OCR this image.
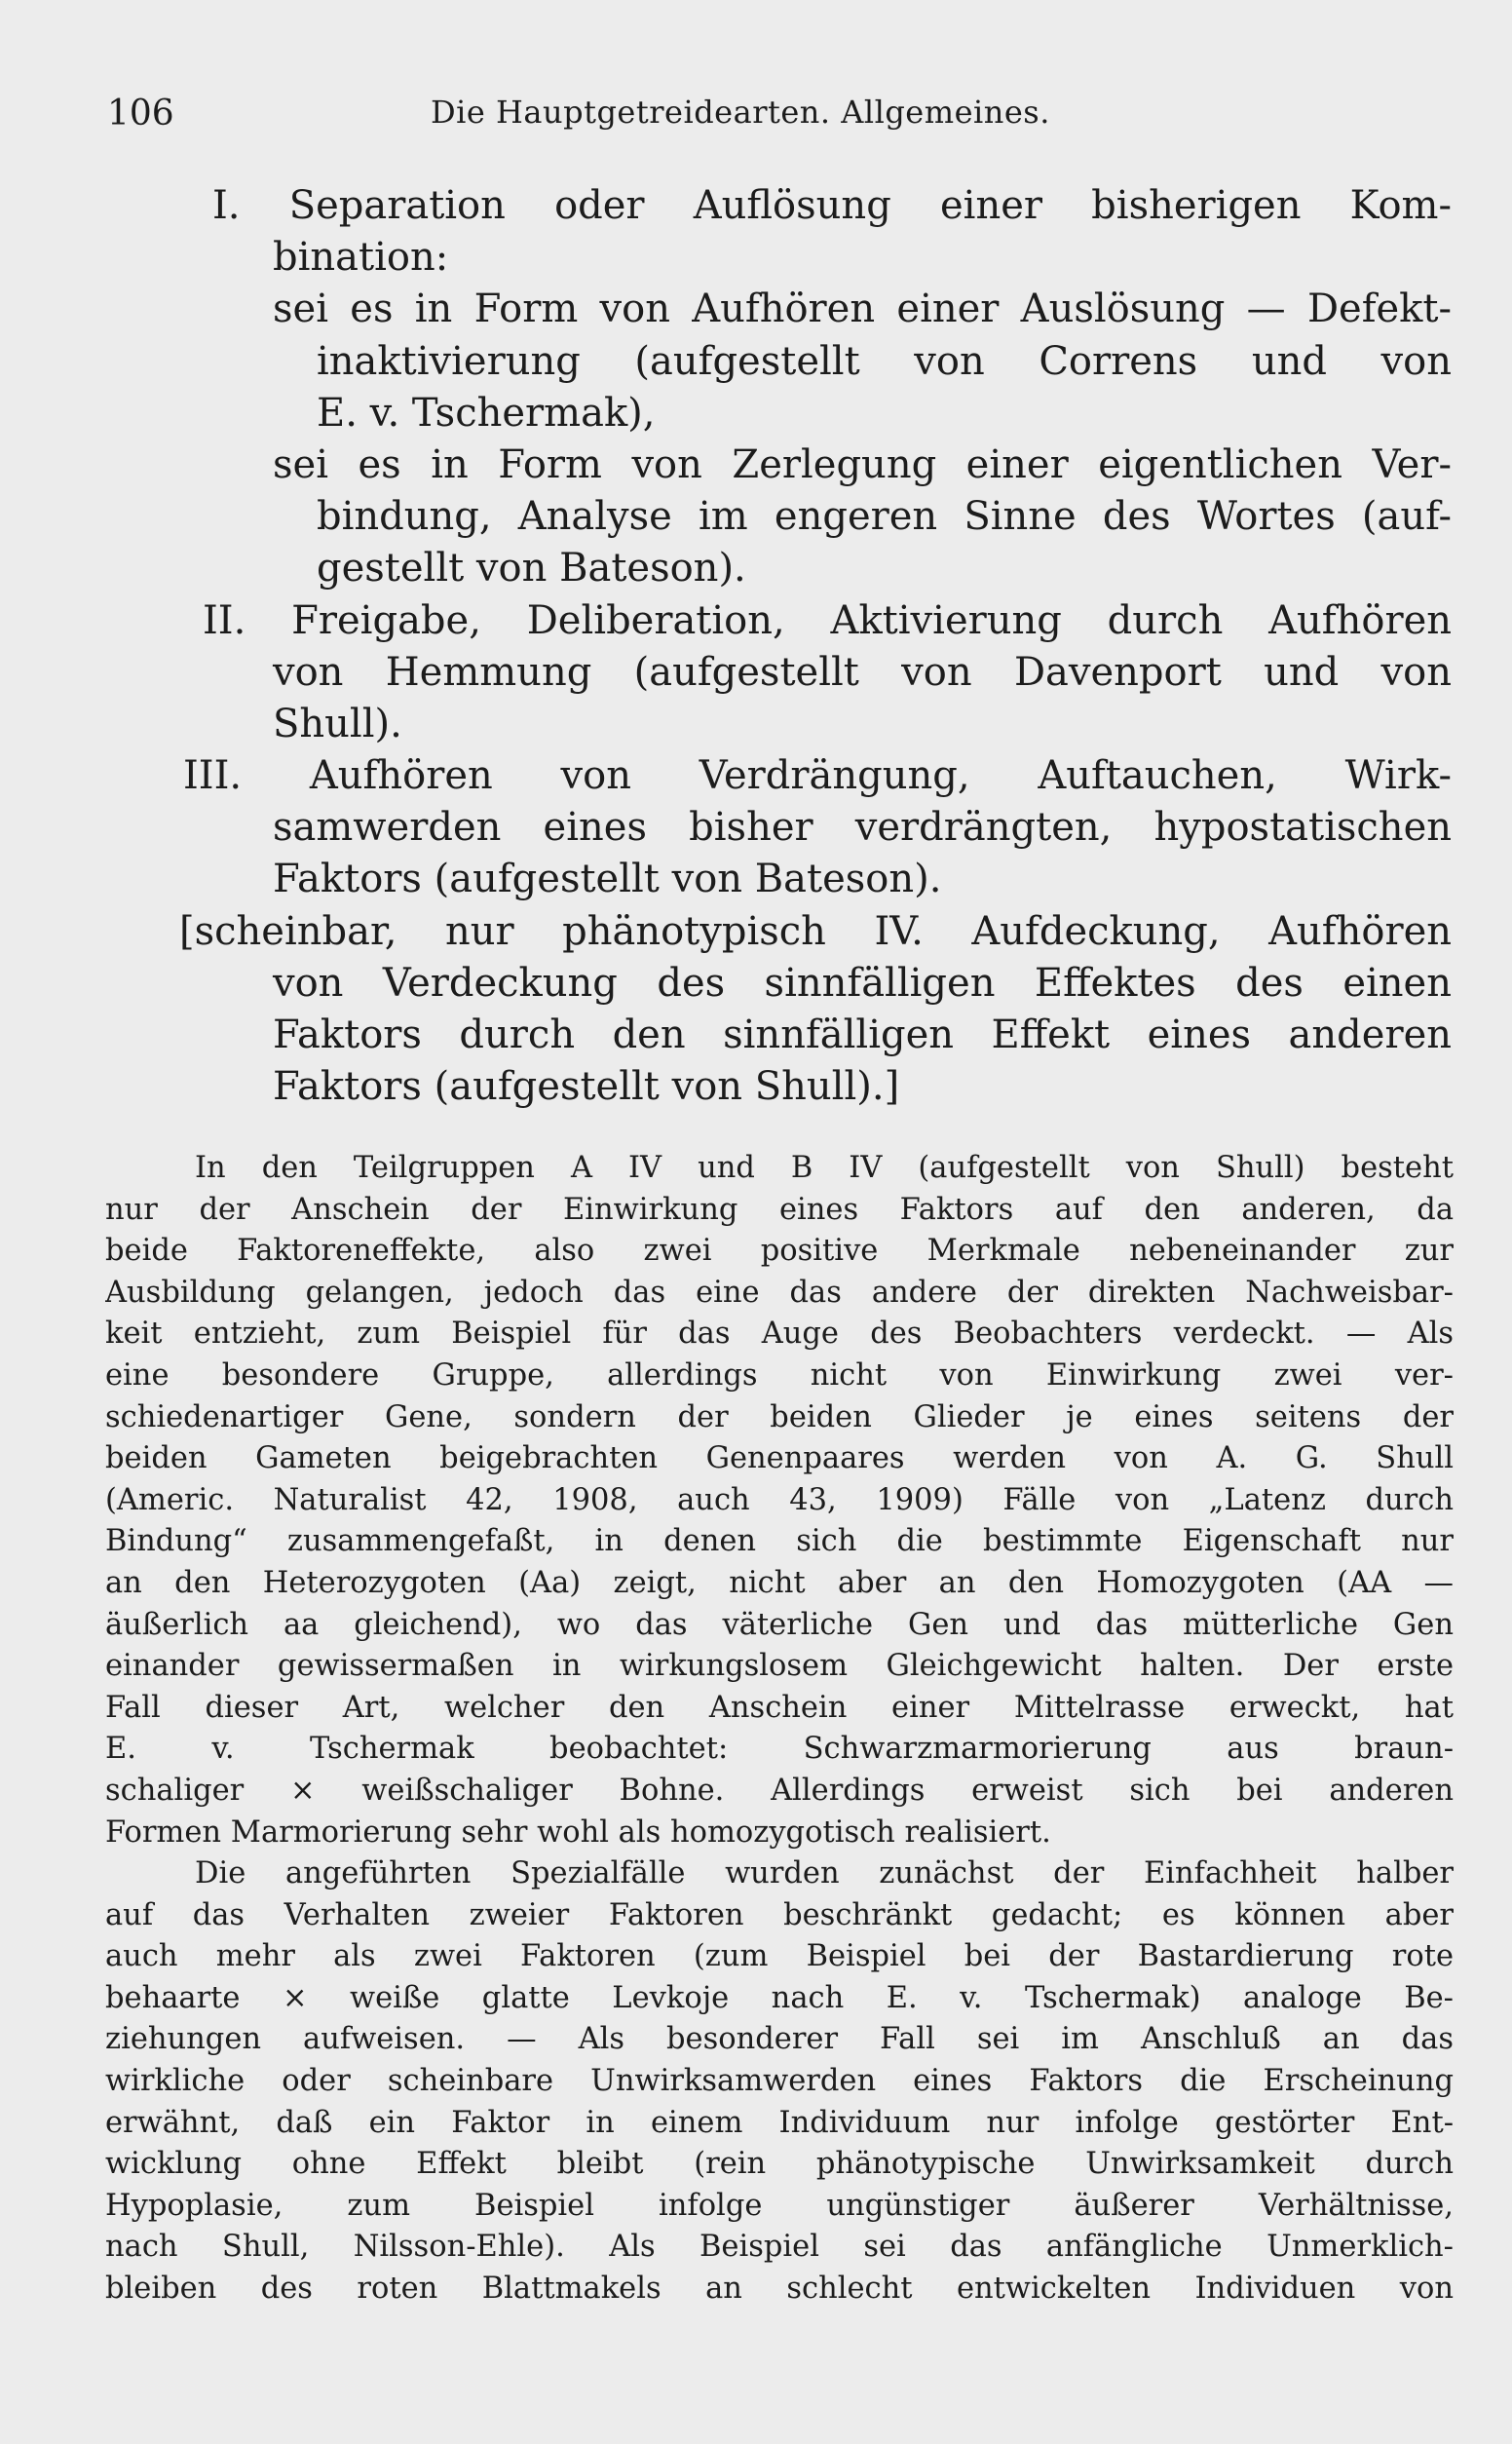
106	Die Hauptgetreidearten. Allgemeines.
I. Separation oder Auflösung einer bisherigen Kom-
bination:
sei es in Form von Aufhören einer Auslösung — Defekt-
inaktivierung (aufgestellt von Correns und von
E. v. Tschermak),
sei es in Form von Zerlegung einer eigentlichen Ver-
bindung, Analyse im engeren Sinne des Wortes (auf-
gestellt von Bateson).
II. Freigabe, Deliberation, Aktivierung durch Aufhören
von Hemmung (aufgestellt von Davenport und von
Shull).
III. Aufhören von Verdrängung, Auftauchen, Wirk-
samwerden eines bisher verdrängten, hypostatischen
Faktors (aufgestellt von Bateson).
[scheinbar, nur phänotypisch IV. Aufdeckung, Aufhören
von Verdeckung des sinnfälligen Effektes des einen
Faktors durch den sinnfälligen Effekt eines anderen
Faktors (aufgestellt von Shull).]
In den Teilgruppen A IV und B IV (aufgestellt von Shull) besteht
nur der Anschein der Einwirkung eines Faktors auf den anderen, da
beide Faktoreneffekte, also zwei positive Merkmale nebeneinander zur
Ausbildung gelangen, jedoch das eine das andere der direkten Nachweisbar-
keit entzieht, zum Beispiel für das Auge des Beobachters verdeckt. — Als
eine besondere Gruppe, allerdings nicht von Einwirkung zwei ver-
schiedenartiger Gene, sondern der beiden Glieder je eines seitens der
beiden Gameten beigebrachten Genenpaares werden von A. G. Shull
(Americ. Naturalist 42, 1908, auch 43, 1909) Fälle von „Latenz durch
Bindung“ zusammengefaßt, in denen sich die bestimmte Eigenschaft nur
an den Heterozygoten (Aa) zeigt, nicht aber an den Homozygoten (AA —
äußerlich aa gleichend), wo das väterliche Gen und das mütterliche Gen
einander gewissermaßen in wirkungslosem Gleichgewicht halten. Der erste
Fall dieser Art, welcher den Anschein einer Mittelrasse erweckt, hat
E. v. Tschermak beobachtet: Schwarzmarmorierung aus braun-
schaliger × weißschaliger Bohne. Allerdings erweist sich bei anderen
Formen Marmorierung sehr wohl als homozygotisch realisiert.
Die angeführten Spezialfälle wurden zunächst der Einfachheit halber
auf das Verhalten zweier Faktoren beschränkt gedacht; es können aber
auch mehr als zwei Faktoren (zum Beispiel bei der Bastardierung rote
behaarte × weiße glatte Levkoje nach E. v. Tschermak) analoge Be-
ziehungen aufweisen. — Als besonderer Fall sei im Anschluß an das
wirkliche oder scheinbare Unwirksamwerden eines Faktors die Erscheinung
erwähnt, daß ein Faktor in einem Individuum nur infolge gestörter Ent-
wicklung ohne Effekt bleibt (rein phänotypische Unwirksamkeit durch
Hypoplasie, zum Beispiel infolge ungünstiger äußerer Verhältnisse,
nach Shull, Nilsson-Ehle). Als Beispiel sei das anfängliche Unmerklich-
bleiben des roten Blattmakels an schlecht entwickelten Individuen von
